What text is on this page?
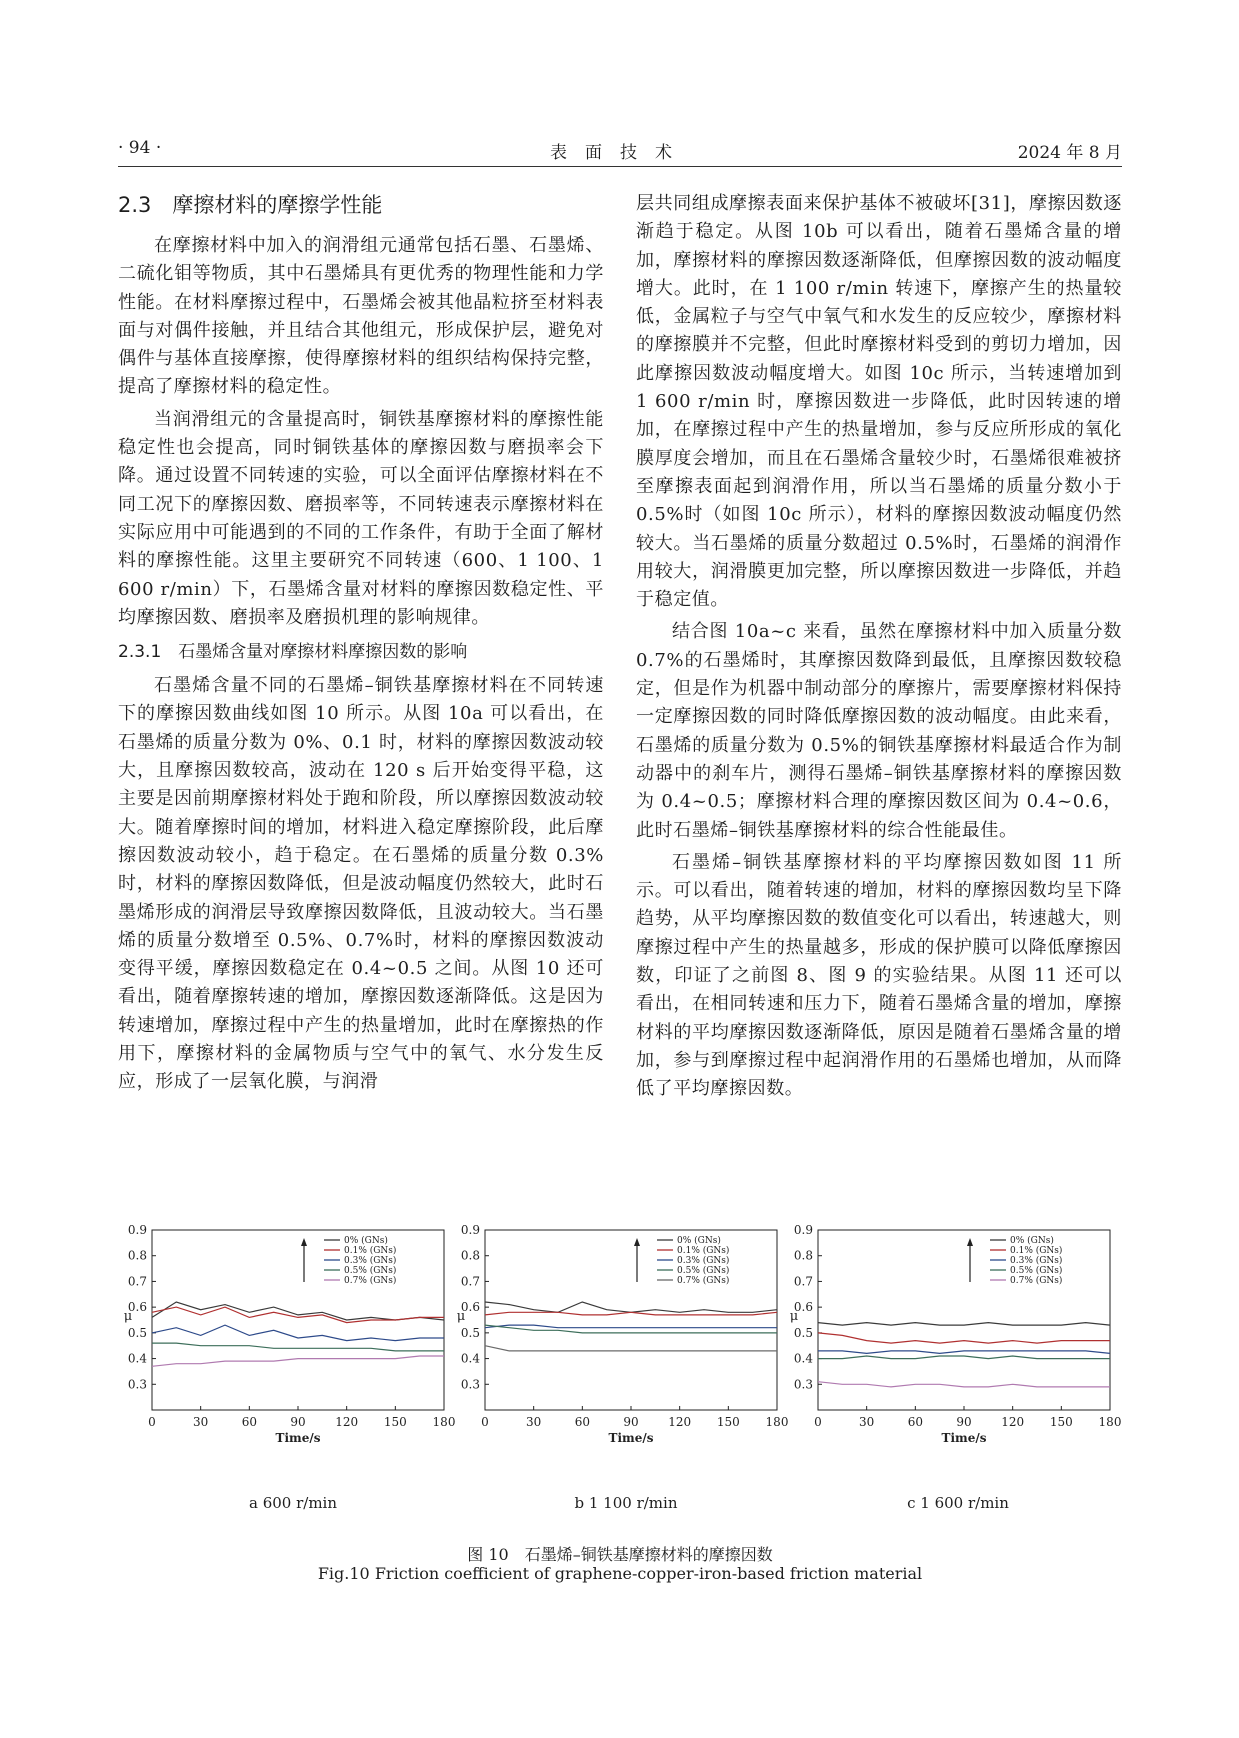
· 94 ·	表面技术	2024 年 8 月
2.3　摩擦材料的摩擦学性能

在摩擦材料中加入的润滑组元通常包括石墨、石墨烯、二硫化钼等物质，其中石墨烯具有更优秀的物理性能和力学性能。在材料摩擦过程中，石墨烯会被其他晶粒挤至材料表面与对偶件接触，并且结合其他组元，形成保护层，避免对偶件与基体直接摩擦，使得摩擦材料的组织结构保持完整，提高了摩擦材料的稳定性。

当润滑组元的含量提高时，铜铁基摩擦材料的摩擦性能稳定性也会提高，同时铜铁基体的摩擦因数与磨损率会下降。通过设置不同转速的实验，可以全面评估摩擦材料在不同工况下的摩擦因数、磨损率等，不同转速表示摩擦材料在实际应用中可能遇到的不同的工作条件，有助于全面了解材料的摩擦性能。这里主要研究不同转速（600、1 100、1 600 r/min）下，石墨烯含量对材料的摩擦因数稳定性、平均摩擦因数、磨损率及磨损机理的影响规律。

2.3.1　石墨烯含量对摩擦材料摩擦因数的影响

石墨烯含量不同的石墨烯–铜铁基摩擦材料在不同转速下的摩擦因数曲线如图 10 所示。从图 10a 可以看出，在石墨烯的质量分数为 0%、0.1 时，材料的摩擦因数波动较大，且摩擦因数较高，波动在 120 s 后开始变得平稳，这主要是因前期摩擦材料处于跑和阶段，所以摩擦因数波动较大。随着摩擦时间的增加，材料进入稳定摩擦阶段，此后摩擦因数波动较小，趋于稳定。在石墨烯的质量分数 0.3%时，材料的摩擦因数降低，但是波动幅度仍然较大，此时石墨烯形成的润滑层导致摩擦因数降低，且波动较大。当石墨烯的质量分数增至 0.5%、0.7%时，材料的摩擦因数波动变得平缓，摩擦因数稳定在 0.4~0.5 之间。从图 10 还可看出，随着摩擦转速的增加，摩擦因数逐渐降低。这是因为转速增加，摩擦过程中产生的热量增加，此时在摩擦热的作用下，摩擦材料的金属物质与空气中的氧气、水分发生反应，形成了一层氧化膜，与润滑

层共同组成摩擦表面来保护基体不被破坏[31]，摩擦因数逐渐趋于稳定。从图 10b 可以看出，随着石墨烯含量的增加，摩擦材料的摩擦因数逐渐降低，但摩擦因数的波动幅度增大。此时，在 1 100 r/min 转速下，摩擦产生的热量较低，金属粒子与空气中氧气和水发生的反应较少，摩擦材料的摩擦膜并不完整，但此时摩擦材料受到的剪切力增加，因此摩擦因数波动幅度增大。如图 10c 所示，当转速增加到 1 600 r/min 时，摩擦因数进一步降低，此时因转速的增加，在摩擦过程中产生的热量增加，参与反应所形成的氧化膜厚度会增加，而且在石墨烯含量较少时，石墨烯很难被挤至摩擦表面起到润滑作用，所以当石墨烯的质量分数小于 0.5%时（如图 10c 所示），材料的摩擦因数波动幅度仍然较大。当石墨烯的质量分数超过 0.5%时，石墨烯的润滑作用较大，润滑膜更加完整，所以摩擦因数进一步降低，并趋于稳定值。

结合图 10a~c 来看，虽然在摩擦材料中加入质量分数 0.7%的石墨烯时，其摩擦因数降到最低，且摩擦因数较稳定，但是作为机器中制动部分的摩擦片，需要摩擦材料保持一定摩擦因数的同时降低摩擦因数的波动幅度。由此来看，石墨烯的质量分数为 0.5%的铜铁基摩擦材料最适合作为制动器中的刹车片，测得石墨烯–铜铁基摩擦材料的摩擦因数为 0.4~0.5；摩擦材料合理的摩擦因数区间为 0.4~0.6，此时石墨烯–铜铁基摩擦材料的综合性能最佳。

石墨烯–铜铁基摩擦材料的平均摩擦因数如图 11 所示。可以看出，随着转速的增加，材料的摩擦因数均呈下降趋势，从平均摩擦因数的数值变化可以看出，转速越大，则摩擦过程中产生的热量越多，形成的保护膜可以降低摩擦因数，印证了之前图 8、图 9 的实验结果。从图 11 还可以看出，在相同转速和压力下，随着石墨烯含量的增加，摩擦材料的平均摩擦因数逐渐降低，原因是随着石墨烯含量的增加，参与到摩擦过程中起润滑作用的石墨烯也增加，从而降低了平均摩擦因数。

0.3
0.4
0.5
0.6
0.7
0.8
0.9
0	30	60	90 120 150 180
Time/s
μ
0% (GNs)
0.1% (GNs)
0.3% (GNs)
0.5% (GNs)
0.7% (GNs)
0.3
0.4
0.5
0.6
0.7
0.8
0.9
0	30	60	90 120 150 180
Time/s
μ
0% (GNs)
0.1% (GNs)
0.3% (GNs)
0.5% (GNs)
0.7% (GNs)
0.3
0.4
0.5
0.6
0.7
0.8
0.9
0	30	60	90 120 150 180
Time/s
μ
0% (GNs)
0.1% (GNs)
0.3% (GNs)
0.5% (GNs)
0.7% (GNs)
a 600 r/min	b 1 100 r/min	c 1 600 r/min
图 10　石墨烯–铜铁基摩擦材料的摩擦因数
Fig.10 Friction coefficient of graphene-copper-iron-based friction material
